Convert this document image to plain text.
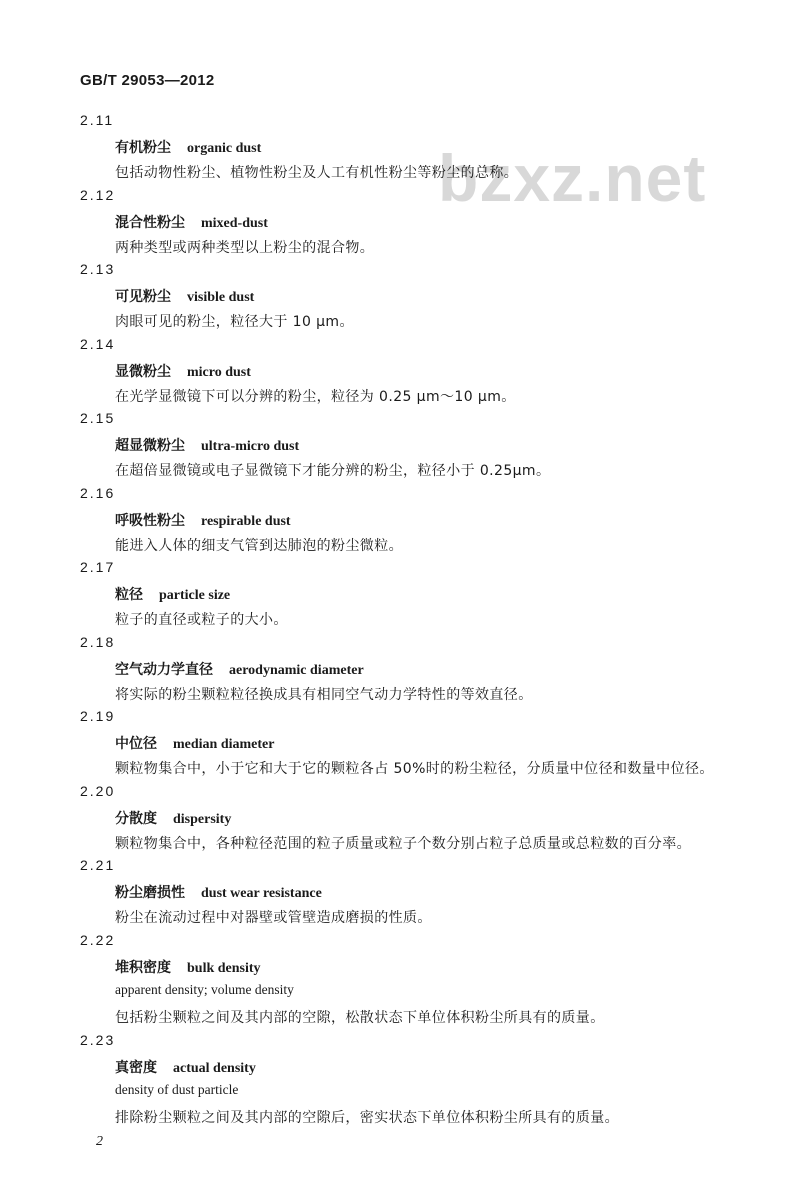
GB/T 29053—2012
bzxz.net
2.11
有机粉尘 organic dust
包括动物性粉尘、植物性粉尘及人工有机性粉尘等粉尘的总称。
2.12
混合性粉尘 mixed-dust
两种类型或两种类型以上粉尘的混合物。
2.13
可见粉尘 visible dust
肉眼可见的粉尘，粒径大于 10 μm。
2.14
显微粉尘 micro dust
在光学显微镜下可以分辨的粉尘，粒径为 0.25 μm～10 μm。
2.15
超显微粉尘 ultra-micro dust
在超倍显微镜或电子显微镜下才能分辨的粉尘，粒径小于 0.25μm。
2.16
呼吸性粉尘 respirable dust
能进入人体的细支气管到达肺泡的粉尘微粒。
2.17
粒径 particle size
粒子的直径或粒子的大小。
2.18
空气动力学直径 aerodynamic diameter
将实际的粉尘颗粒粒径换成具有相同空气动力学特性的等效直径。
2.19
中位径 median diameter
颗粒物集合中，小于它和大于它的颗粒各占 50%时的粉尘粒径，分质量中位径和数量中位径。
2.20
分散度 dispersity
颗粒物集合中，各种粒径范围的粒子质量或粒子个数分别占粒子总质量或总粒数的百分率。
2.21
粉尘磨损性 dust wear resistance
粉尘在流动过程中对器壁或管壁造成磨损的性质。
2.22
堆积密度 bulk density
apparent density; volume density
包括粉尘颗粒之间及其内部的空隙，松散状态下单位体积粉尘所具有的质量。
2.23
真密度 actual density
density of dust particle
排除粉尘颗粒之间及其内部的空隙后，密实状态下单位体积粉尘所具有的质量。
2
